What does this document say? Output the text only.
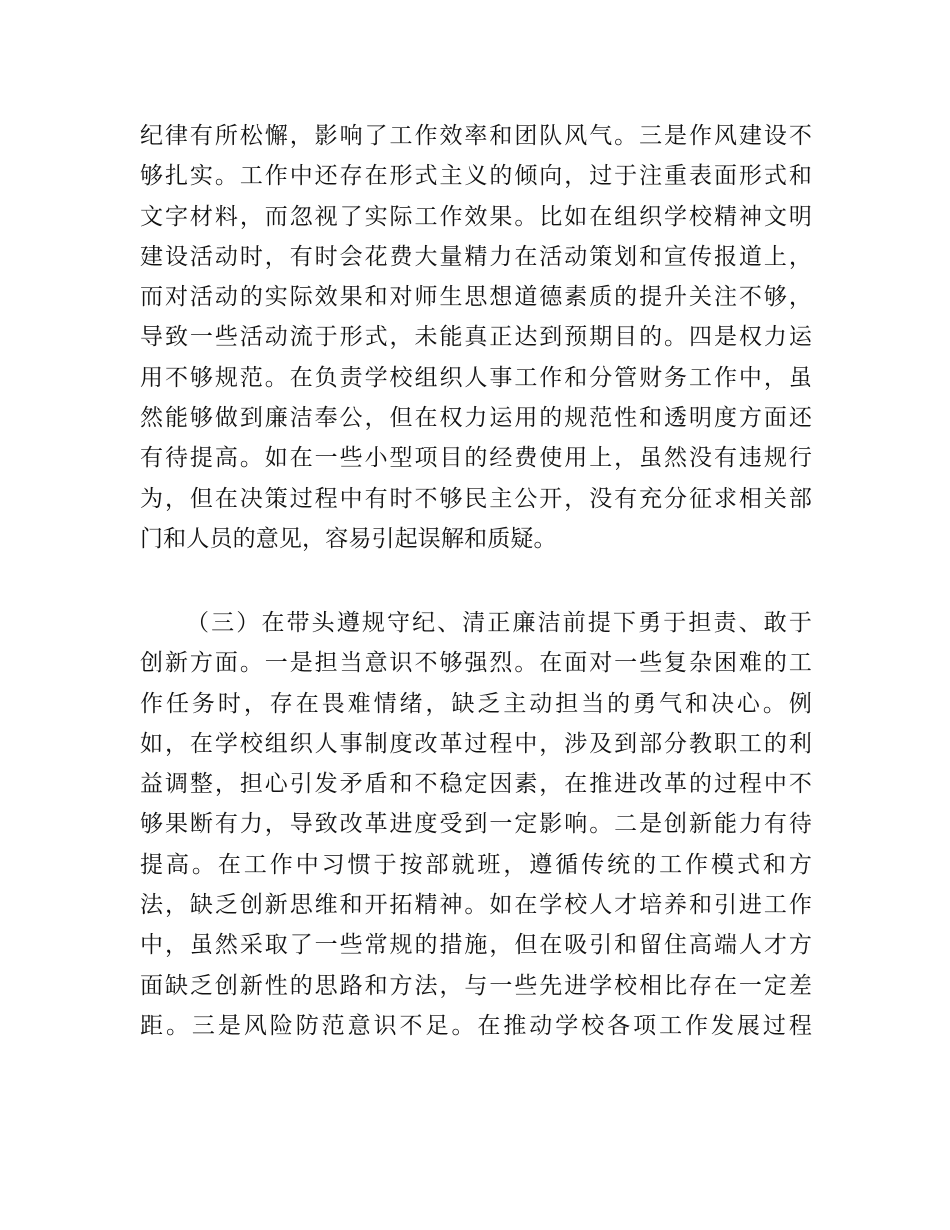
纪律有所松懈，影响了工作效率和团队风气。三是作风建设不
够扎实。工作中还存在形式主义的倾向，过于注重表面形式和
文字材料，而忽视了实际工作效果。比如在组织学校精神文明
建设活动时，有时会花费大量精力在活动策划和宣传报道上，
而对活动的实际效果和对师生思想道德素质的提升关注不够，
导致一些活动流于形式，未能真正达到预期目的。四是权力运
用不够规范。在负责学校组织人事工作和分管财务工作中，虽
然能够做到廉洁奉公，但在权力运用的规范性和透明度方面还
有待提高。如在一些小型项目的经费使用上，虽然没有违规行
为，但在决策过程中有时不够民主公开，没有充分征求相关部
门和人员的意见，容易引起误解和质疑。
（三）在带头遵规守纪、清正廉洁前提下勇于担责、敢于
创新方面。一是担当意识不够强烈。在面对一些复杂困难的工
作任务时，存在畏难情绪，缺乏主动担当的勇气和决心。例
如，在学校组织人事制度改革过程中，涉及到部分教职工的利
益调整，担心引发矛盾和不稳定因素，在推进改革的过程中不
够果断有力，导致改革进度受到一定影响。二是创新能力有待
提高。在工作中习惯于按部就班，遵循传统的工作模式和方
法，缺乏创新思维和开拓精神。如在学校人才培养和引进工作
中，虽然采取了一些常规的措施，但在吸引和留住高端人才方
面缺乏创新性的思路和方法，与一些先进学校相比存在一定差
距。三是风险防范意识不足。在推动学校各项工作发展过程
